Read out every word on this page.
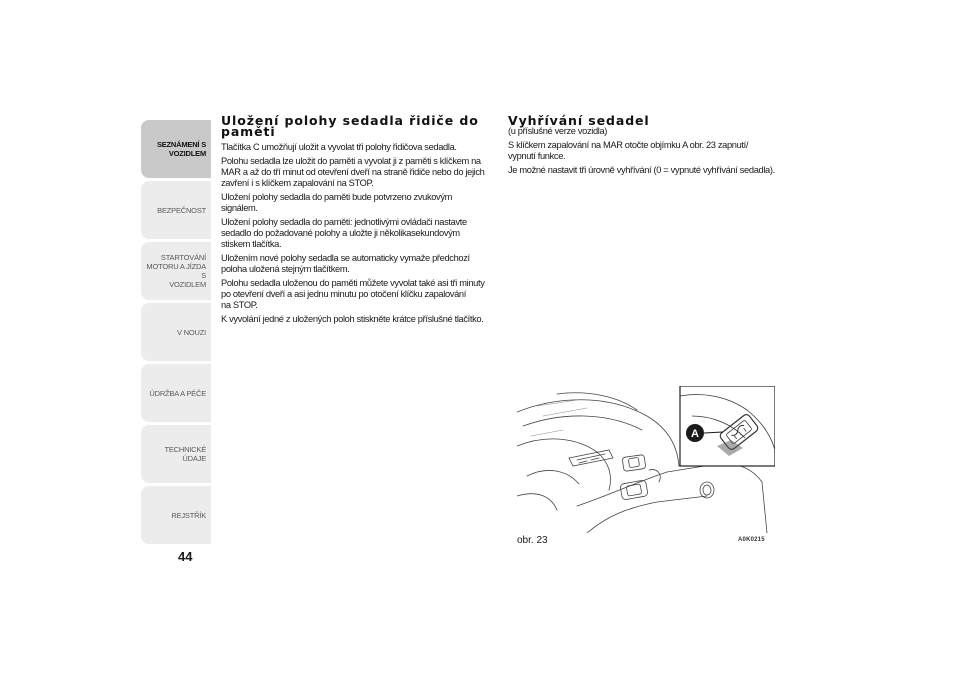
SEZNÁMENÍ S
VOZIDLEM
BEZPEČNOST
STARTOVÁNÍ
MOTORU A JÍZDA S
VOZIDLEM
V NOUZI
ÚDRŽBA A PÉČE
TECHNICKÉ ÚDAJE
REJSTŘÍK
44
Uložení polohy sedadla řidiče do
paměti

Tlačítka C umožňují uložit a vyvolat tři polohy řidičova sedadla.

Polohu sedadla lze uložit do paměti a vyvolat ji z paměti s klíčkem na
MAR a až do tří minut od otevření dveří na straně řidiče nebo do jejich
zavření i s klíčkem zapalování na STOP.

Uložení polohy sedadla do paměti bude potvrzeno zvukovým
signálem.

Uložení polohy sedadla do paměti: jednotlivými ovládači nastavte
sedadlo do požadované polohy a uložte ji několikasekundovým
stiskem tlačítka.

Uložením nové polohy sedadla se automaticky vymaže předchozí
poloha uložená stejným tlačítkem.

Polohu sedadla uloženou do paměti můžete vyvolat také asi tři minuty
po otevření dveří a asi jednu minutu po otočení klíčku zapalování
na STOP.

K vyvolání jedné z uložených poloh stiskněte krátce příslušné tlačítko.

Vyhřívání sedadel

(u příslušné verze vozidla)

S klíčkem zapalování na MAR otočte objímku A obr. 23 zapnutí/
vypnutí funkce.

Je možné nastavit tři úrovně vyhřívání (0 = vypnuté vyhřívání sedadla).

A
obr. 23	A0K0215
